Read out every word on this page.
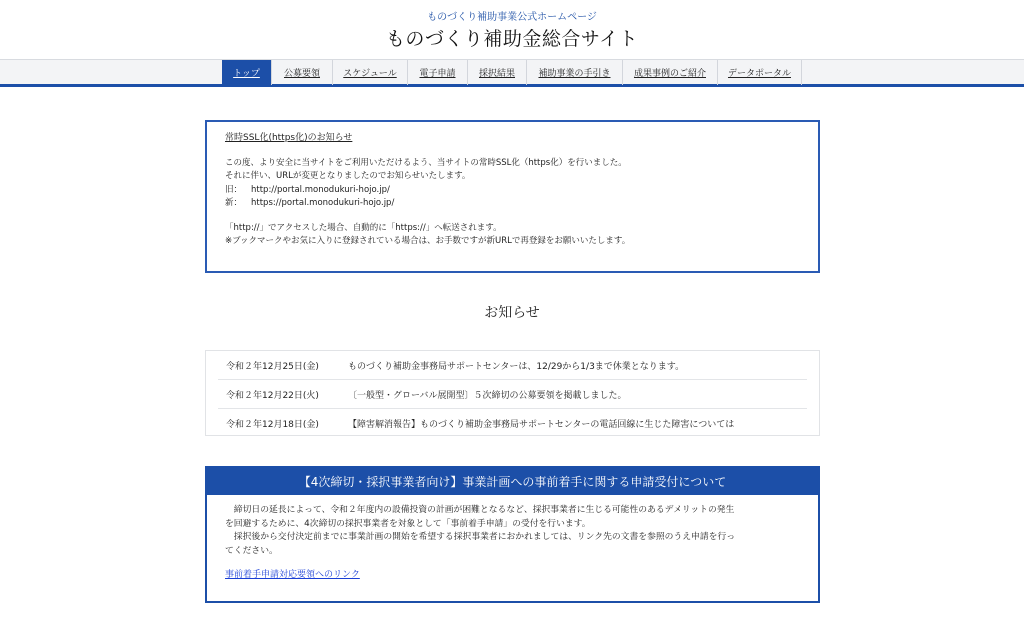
ものづくり補助事業公式ホームページ
ものづくり補助金総合サイト
トップ	公募要領	スケジュール	電子申請	採択結果	補助事業の手引き	成果事例のご紹介	データポータル
常時SSL化(https化)のお知らせ
この度、より安全に当サイトをご利用いただけるよう、当サイトの常時SSL化（https化）を行いました。
それに伴い、URLが変更となりましたのでお知らせいたします。
旧： http://portal.monodukuri-hojo.jp/
新： https://portal.monodukuri-hojo.jp/
「http://」でアクセスした場合、自動的に「https://」へ転送されます。
※ブックマークやお気に入りに登録されている場合は、お手数ですが新URLで再登録をお願いいたします。
お知らせ
令和２年12月25日(金)	ものづくり補助金事務局サポートセンターは、12/29から1/3まで休業となります。
令和２年12月22日(火)	〔一般型・グローバル展開型〕５次締切の公募要領を掲載しました。
令和２年12月18日(金)	【障害解消報告】ものづくり補助金事務局サポートセンターの電話回線に生じた障害については
【4次締切・採択事業者向け】事業計画への事前着手に関する申請受付について
締切日の延長によって、令和２年度内の設備投資の計画が困難となるなど、採択事業者に生じる可能性のあるデメリットの発生
を回避するために、4次締切の採択事業者を対象として「事前着手申請」の受付を行います。
採択後から交付決定前までに事業計画の開始を希望する採択事業者におかれましては、リンク先の文書を参照のうえ申請を行っ
てください。
事前着手申請対応要領へのリンク
